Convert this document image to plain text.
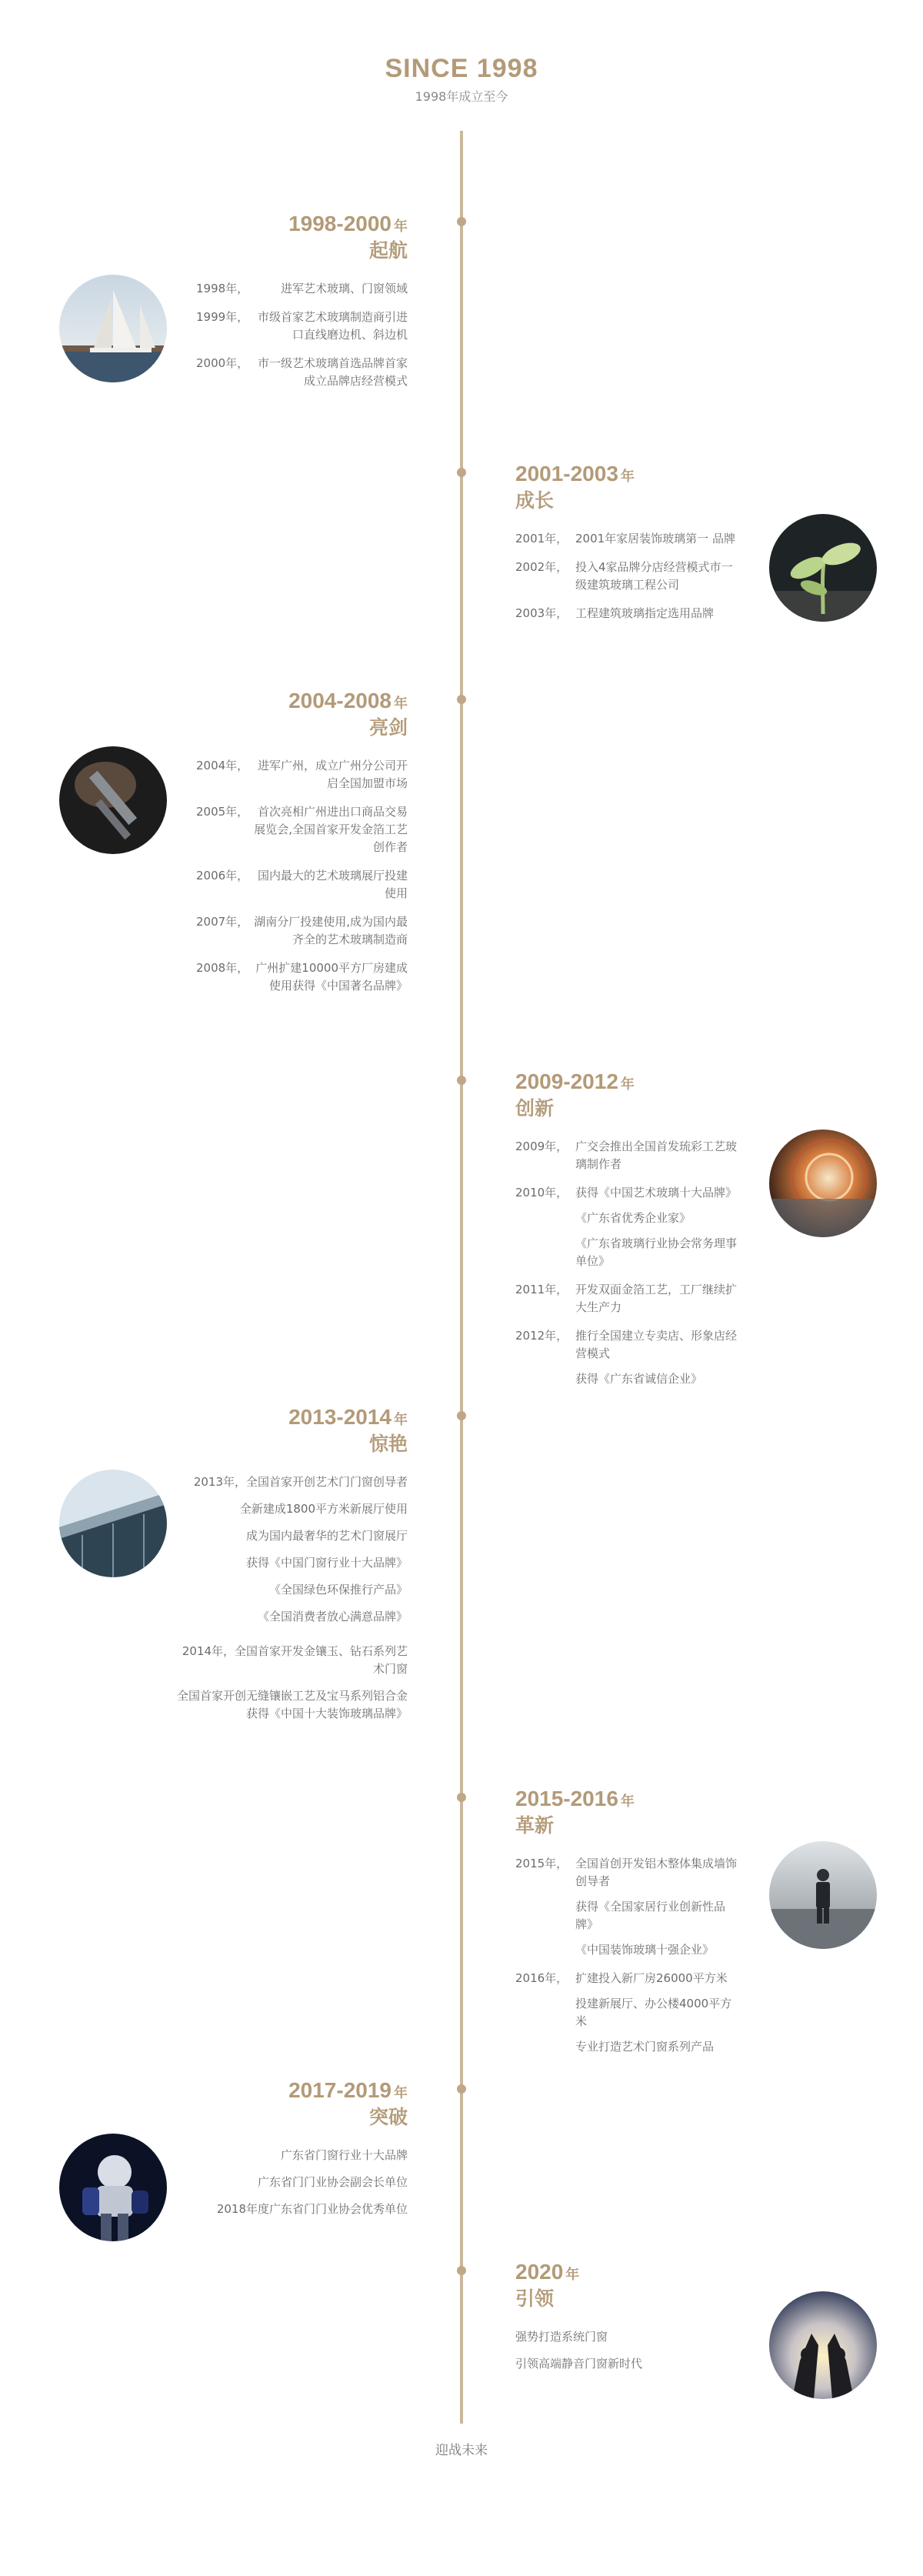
SINCE 1998
1998年成立至今
1998-2000 年
起航
1998年，	进军艺术玻璃、门窗领域
1999年， 市级首家艺术玻璃制造商引进口直线磨边机、斜边机
2000年， 市一级艺术玻璃首选品牌首家成立品牌店经营模式
2001-2003 年
成长
2001年， 2001年家居装饰玻璃第一 品牌
2002年， 投入4家品牌分店经营模式市一级建筑玻璃工程公司
2003年， 工程建筑玻璃指定选用品牌
2004-2008 年
亮剑
2004年， 进军广州，成立广州分公司开启全国加盟市场
2005年， 首次亮相广州进出口商品交易展览会,全国首家开发金箔工艺创作者
2006年， 国内最大的艺术玻璃展厅投建使用
2007年， 湖南分厂投建使用,成为国内最齐全的艺术玻璃制造商
2008年， 广州扩建10000平方厂房建成使用获得《中国著名品牌》
2009-2012 年
创新
2009年， 广交会推出全国首发琉彩工艺玻璃制作者
2010年， 获得《中国艺术玻璃十大品牌》
《广东省优秀企业家》
《广东省玻璃行业协会常务理事单位》
2011年， 开发双面金箔工艺，工厂继续扩大生产力
2012年， 推行全国建立专卖店、形象店经营模式
获得《广东省诚信企业》
2013-2014 年
惊艳
2013年，全国首家开创艺术门门窗创导者
全新建成1800平方米新展厅使用
成为国内最奢华的艺术门窗展厅
获得《中国门窗行业十大品牌》
《全国绿色环保推行产品》
《全国消费者放心满意品牌》
2014年，全国首家开发金镶玉、钻石系列艺术门窗
全国首家开创无缝镶嵌工艺及宝马系列铝合金获得《中国十大装饰玻璃品牌》
2015-2016 年
革新
2015年， 全国首创开发铝木整体集成墙饰创导者
获得《全国家居行业创新性品牌》
《中国装饰玻璃十强企业》
2016年， 扩建投入新厂房26000平方米
投建新展厅、办公楼4000平方米
专业打造艺术门窗系列产品
2017-2019 年
突破
广东省门窗行业十大品牌
广东省门门业协会副会长单位
2018年度广东省门门业协会优秀单位
2020 年
引领
强势打造系统门窗
引领高端静音门窗新时代
迎战未来
